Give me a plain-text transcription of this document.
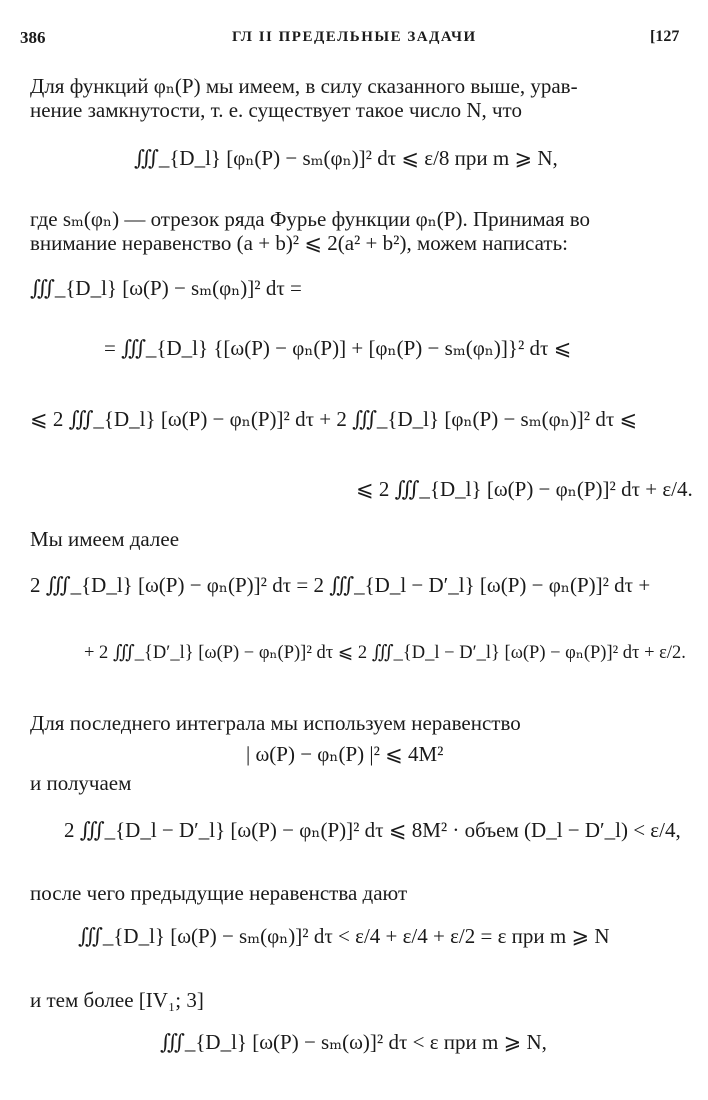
386	ГЛ II ПРЕДЕЛЬНЫЕ ЗАДАЧИ	[127
Для функций φₙ(P) мы имеем, в силу сказанного выше, урав-
нение замкнутости, т. е. существует такое число N, что
∭_{D_l} [φₙ(P) − sₘ(φₙ)]² dτ ⩽ ε/8 при m ⩾ N,
где sₘ(φₙ) — отрезок ряда Фурье функции φₙ(P). Принимая во
внимание неравенство (a + b)² ⩽ 2(a² + b²), можем написать:
∭_{D_l} [ω(P) − sₘ(φₙ)]² dτ =
= ∭_{D_l} {[ω(P) − φₙ(P)] + [φₙ(P) − sₘ(φₙ)]}² dτ ⩽
⩽ 2 ∭_{D_l} [ω(P) − φₙ(P)]² dτ + 2 ∭_{D_l} [φₙ(P) − sₘ(φₙ)]² dτ ⩽
⩽ 2 ∭_{D_l} [ω(P) − φₙ(P)]² dτ + ε/4.
Мы имеем далее
2 ∭_{D_l} [ω(P) − φₙ(P)]² dτ = 2 ∭_{D_l − D′_l} [ω(P) − φₙ(P)]² dτ +
+ 2 ∭_{D′_l} [ω(P) − φₙ(P)]² dτ ⩽ 2 ∭_{D_l − D′_l} [ω(P) − φₙ(P)]² dτ + ε/2.
Для последнего интеграла мы используем неравенство
| ω(P) − φₙ(P) |² ⩽ 4M²
и получаем
2 ∭_{D_l − D′_l} [ω(P) − φₙ(P)]² dτ ⩽ 8M² · объем (D_l − D′_l) < ε/4,
после чего предыдущие неравенства дают
∭_{D_l} [ω(P) − sₘ(φₙ)]² dτ < ε/4 + ε/4 + ε/2 = ε при m ⩾ N
и тем более [IV₁; 3]
∭_{D_l} [ω(P) − sₘ(ω)]² dτ < ε при m ⩾ N,
